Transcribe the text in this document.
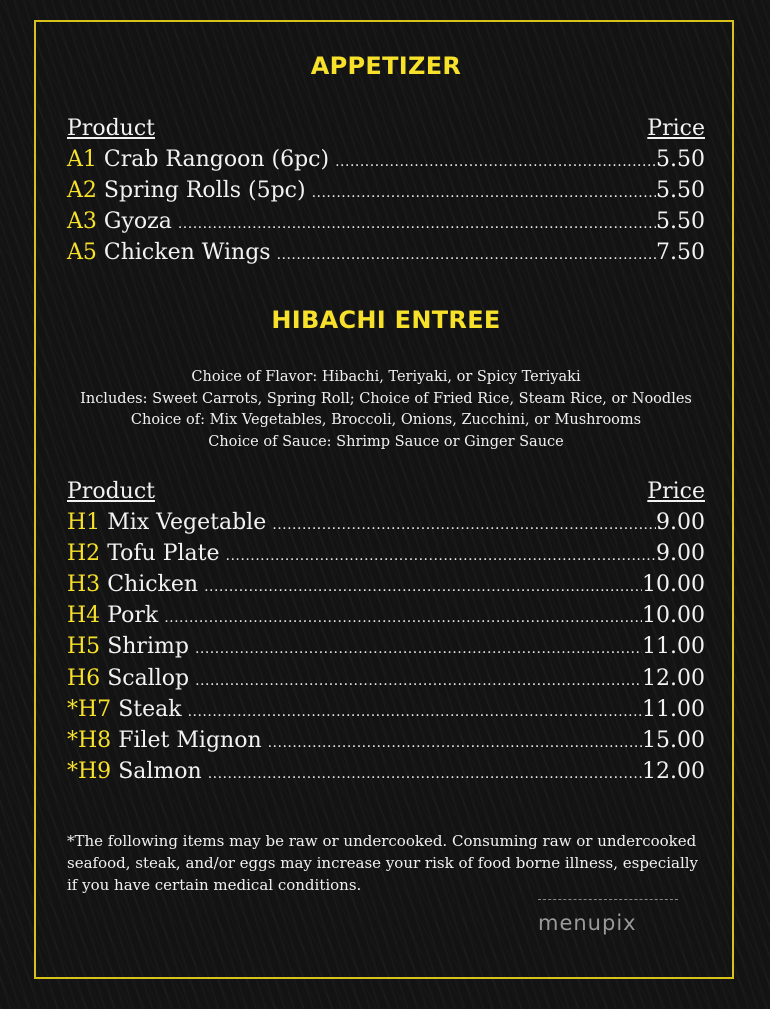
APPETIZER
Product	Price
A1 Crab Rangoon (6pc) .....	5.50
A2 Spring Rolls (5pc) .....	5.50
A3 Gyoza .....	5.50
A5 Chicken Wings .....	7.50
HIBACHI ENTREE
Choice of Flavor: Hibachi, Teriyaki, or Spicy Teriyaki
Includes: Sweet Carrots, Spring Roll; Choice of Fried Rice, Steam Rice, or Noodles
Choice of: Mix Vegetables, Broccoli, Onions, Zucchini, or Mushrooms
Choice of Sauce: Shrimp Sauce or Ginger Sauce
Product	Price
H1 Mix Vegetable .....	9.00
H2 Tofu Plate .....	9.00
H3 Chicken .....	10.00
H4 Pork .....	10.00
H5 Shrimp .....	11.00
H6 Scallop .....	12.00
*H7 Steak .....	11.00
*H8 Filet Mignon .....	15.00
*H9 Salmon .....	12.00
*The following items may be raw or undercooked. Consuming raw or undercooked
seafood, steak, and/or eggs may increase your risk of food borne illness, especially
if you have certain medical conditions.
menupix
